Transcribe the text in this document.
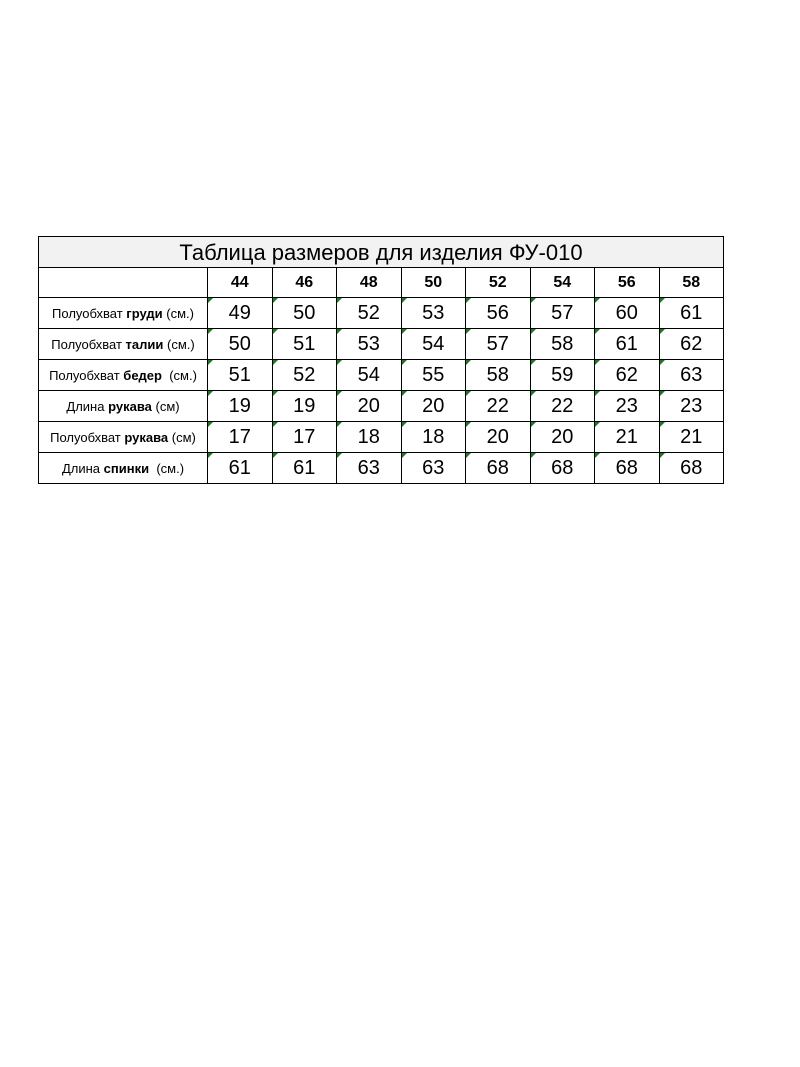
Таблица размеров для изделия ФУ-010								
	44	46	48	50	52	54	56	58
Полуобхват груди (см.)	49	50	52	53	56	57	60	61
Полуобхват талии (см.)	50	51	53	54	57	58	61	62
Полуобхват бедер  (см.)	51	52	54	55	58	59	62	63
Длина рукава (см)	19	19	20	20	22	22	23	23
Полуобхват рукава (см)	17	17	18	18	20	20	21	21
Длина спинки  (см.)	61	61	63	63	68	68	68	68
